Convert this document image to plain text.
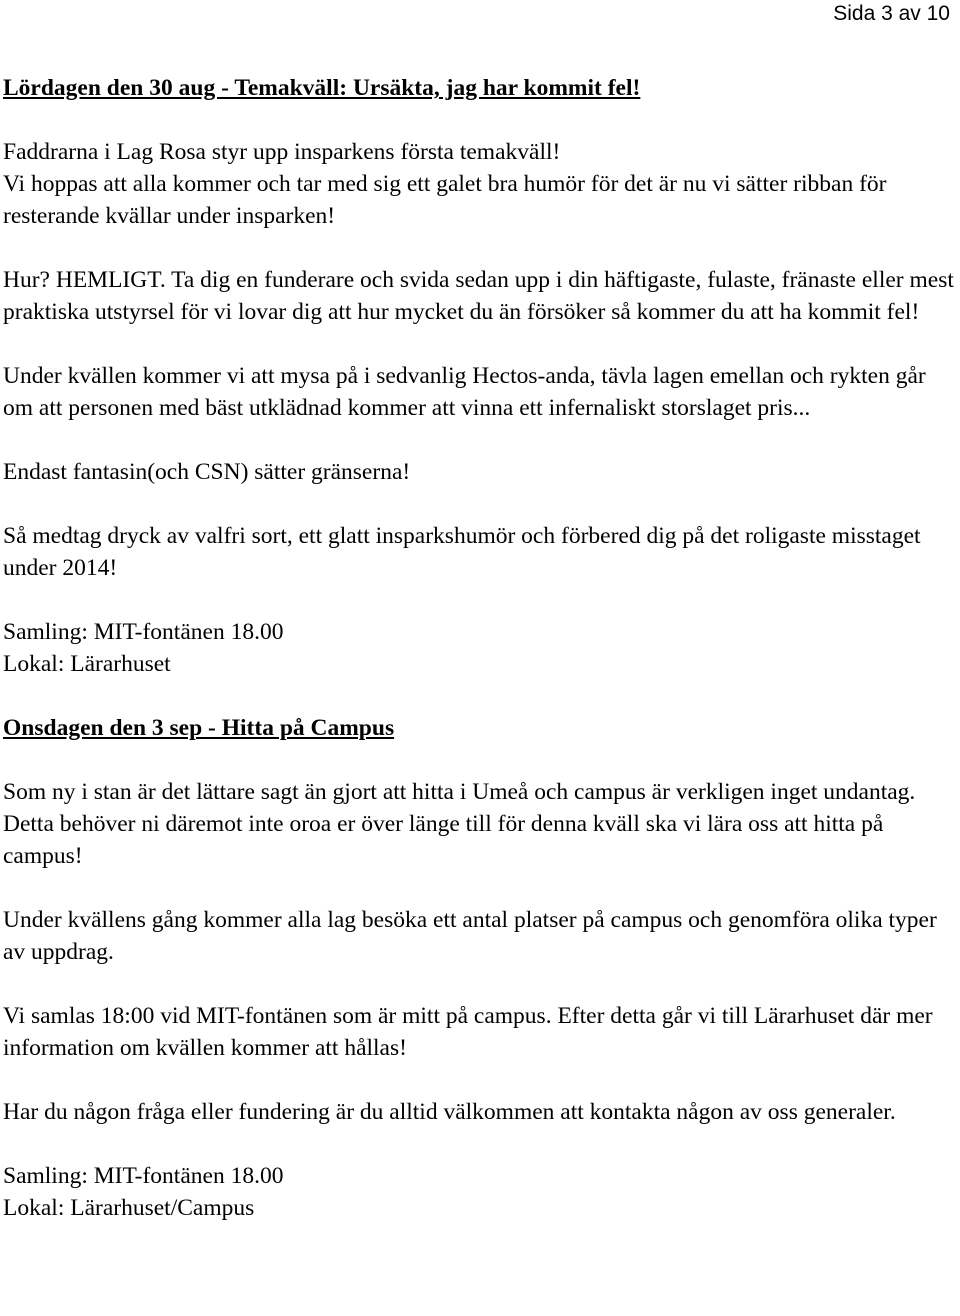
Sida 3 av 10

Lördagen den 30 aug - Temakväll: Ursäkta, jag har kommit fel!

Faddrarna i Lag Rosa styr upp insparkens första temakväll!

Vi hoppas att alla kommer och tar med sig ett galet bra humör för det är nu vi sätter ribban för resterande kvällar under insparken!

Hur? HEMLIGT. Ta dig en funderare och svida sedan upp i din häftigaste, fulaste, fränaste eller mest praktiska utstyrsel för vi lovar dig att hur mycket du än försöker så kommer du att ha kommit fel!

Under kvällen kommer vi att mysa på i sedvanlig Hectos-anda, tävla lagen emellan och rykten går om att personen med bäst utklädnad kommer att vinna ett infernaliskt storslaget pris...

Endast fantasin(och CSN) sätter gränserna!

Så medtag dryck av valfri sort, ett glatt insparkshumör och förbered dig på det roligaste misstaget under 2014!

Samling: MIT-fontänen 18.00

Lokal: Lärarhuset

Onsdagen den 3 sep - Hitta på Campus

Som ny i stan är det lättare sagt än gjort att hitta i Umeå och campus är verkligen inget undantag. Detta behöver ni däremot inte oroa er över länge till för denna kväll ska vi lära oss att hitta på campus!

Under kvällens gång kommer alla lag besöka ett antal platser på campus och genomföra olika typer av uppdrag.

Vi samlas 18:00 vid MIT-fontänen som är mitt på campus. Efter detta går vi till Lärarhuset där mer information om kvällen kommer att hållas!

Har du någon fråga eller fundering är du alltid välkommen att kontakta någon av oss generaler.

Samling: MIT-fontänen 18.00

Lokal: Lärarhuset/Campus
